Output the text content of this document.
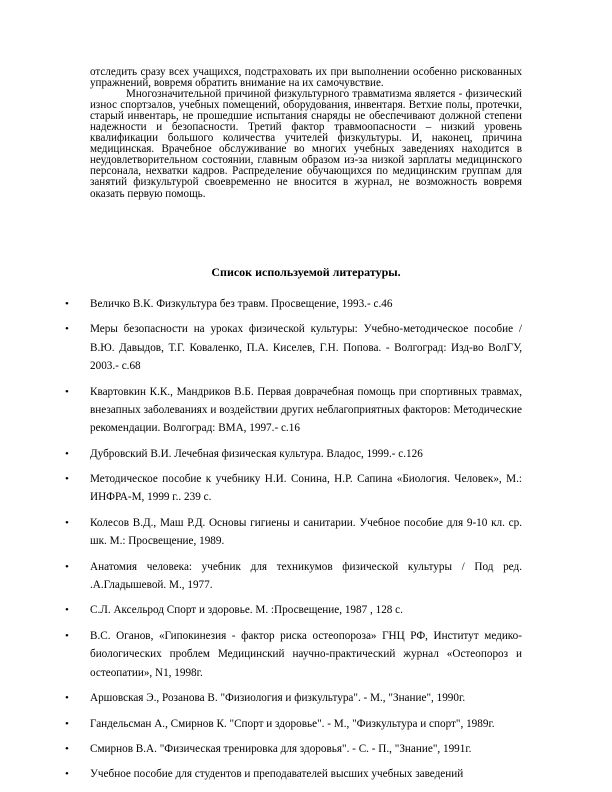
отследить сразу всех учащихся, подстраховать их при выполнении особенно рискованных упражнений, вовремя обратить внимание на их самочувствие.

Многозначительной причиной физкультурного травматизма является - физический износ спортзалов, учебных помещений, оборудования, инвентаря. Ветхие полы, протечки, старый инвентарь, не прошедшие испытания снаряды не обеспечивают должной степени надежности и безопасности. Третий фактор травмоопасности – низкий уровень квалификации большого количества учителей физкультуры. И, наконец, причина медицинская. Врачебное обслуживание во многих учебных заведениях находится в неудовлетворительном состоянии, главным образом из-за низкой зарплаты медицинского персонала, нехватки кадров. Распределение обучающихся по медицинским группам для занятий физкультурой своевременно не вносится в журнал, не возможность вовремя оказать первую помощь.

Список используемой литературы.
• Величко В.К. Физкультура без травм. Просвещение, 1993.- с.46
• Меры безопасности на уроках физической культуры: Учебно-методическое пособие / В.Ю. Давыдов, Т.Г. Коваленко, П.А. Киселев, Г.Н. Попова. - Волгоград: Изд-во ВолГУ, 2003.- с.68
• Квартовкин К.К., Мандриков В.Б. Первая доврачебная помощь при спортивных травмах, внезапных заболеваниях и воздействии других неблагоприятных факторов: Методические рекомендации. Волгоград: ВМА, 1997.- с.16
• Дубровский В.И. Лечебная физическая культура. Владос, 1999.- с.126
• Методическое пособие к учебнику Н.И. Сонина, Н.Р. Сапина «Биология. Человек», М.: ИНФРА-М, 1999 г.. 239 с.
• Колесов В.Д., Маш Р.Д. Основы гигиены и санитарии. Учебное пособие для 9-10 кл. ср. шк. М.: Просвещение, 1989.
• Анатомия человека: учебник для техникумов физической культуры / Под ред. .А.Гладышевой. М., 1977.
• С.Л. Аксельрод Спорт и здоровье. М. :Просвещение, 1987 , 128 с.
• В.С. Оганов, «Гипокинезия - фактор риска остеопороза» ГНЦ РФ, Институт медико-биологических проблем Медицинский научно-практический журнал «Остеопороз и остеопатии», N1, 1998г.
• Аршовская Э., Розанова В. "Физиология и физкультура". - М., "Знание", 1990г.
• Гандельсман А., Смирнов К. "Спорт и здоровье". - М., "Физкультура и спорт", 1989г.
• Смирнов В.А. "Физическая тренировка для здоровья". - С. - П., "Знание", 1991г.
• Учебное пособие для студентов и преподавателей высших учебных заведений
